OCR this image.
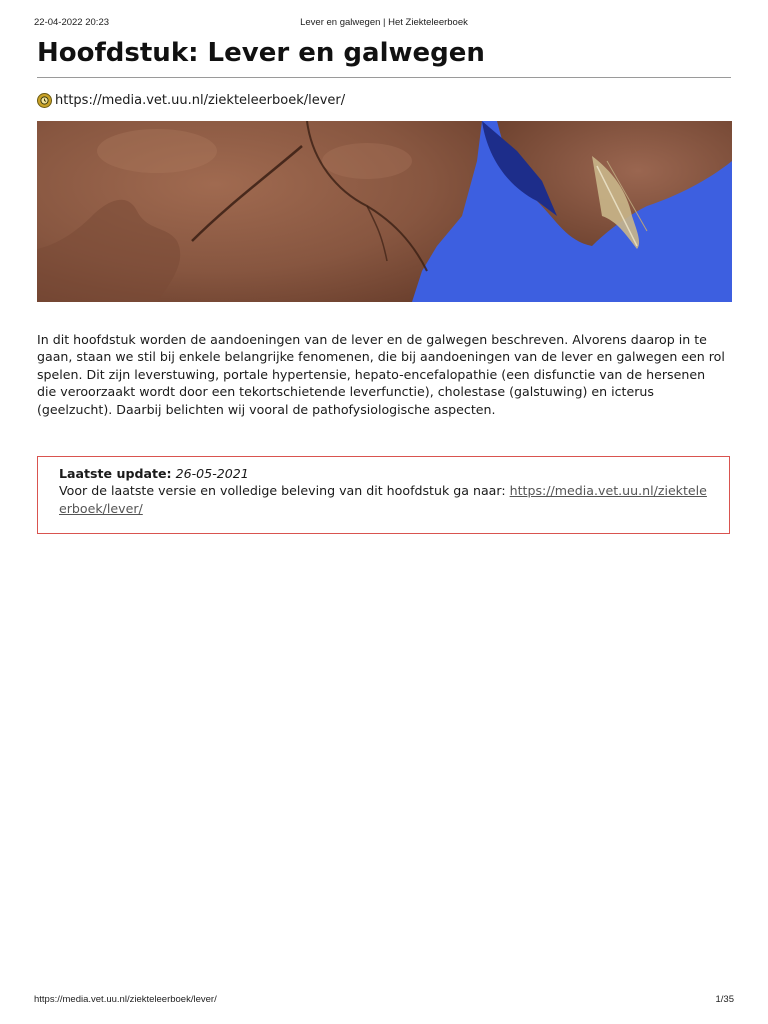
22-04-2022 20:23	Lever en galwegen | Het Ziekteleerboek
Hoofdstuk: Lever en galwegen
https://media.vet.uu.nl/ziekteleerboek/lever/

In dit hoofdstuk worden de aandoeningen van de lever en de galwegen beschreven. Alvorens daarop in te gaan, staan we stil bij enkele belangrijke fenomenen, die bij aandoeningen van de lever en galwegen een rol spelen. Dit zijn leverstuwing, portale hypertensie, hepato-encefalopathie (een disfunctie van de hersenen die veroorzaakt wordt door een tekortschietende leverfunctie), cholestase (galstuwing) en icterus (geelzucht). Daarbij belichten wij vooral de pathofysiologische aspecten.

Laatste update: 26-05-2021
Voor de laatste versie en volledige beleving van dit hoofdstuk ga naar: https://media.vet.uu.nl/ziekteleerboek/lever/
https://media.vet.uu.nl/ziekteleerboek/lever/	1/35
